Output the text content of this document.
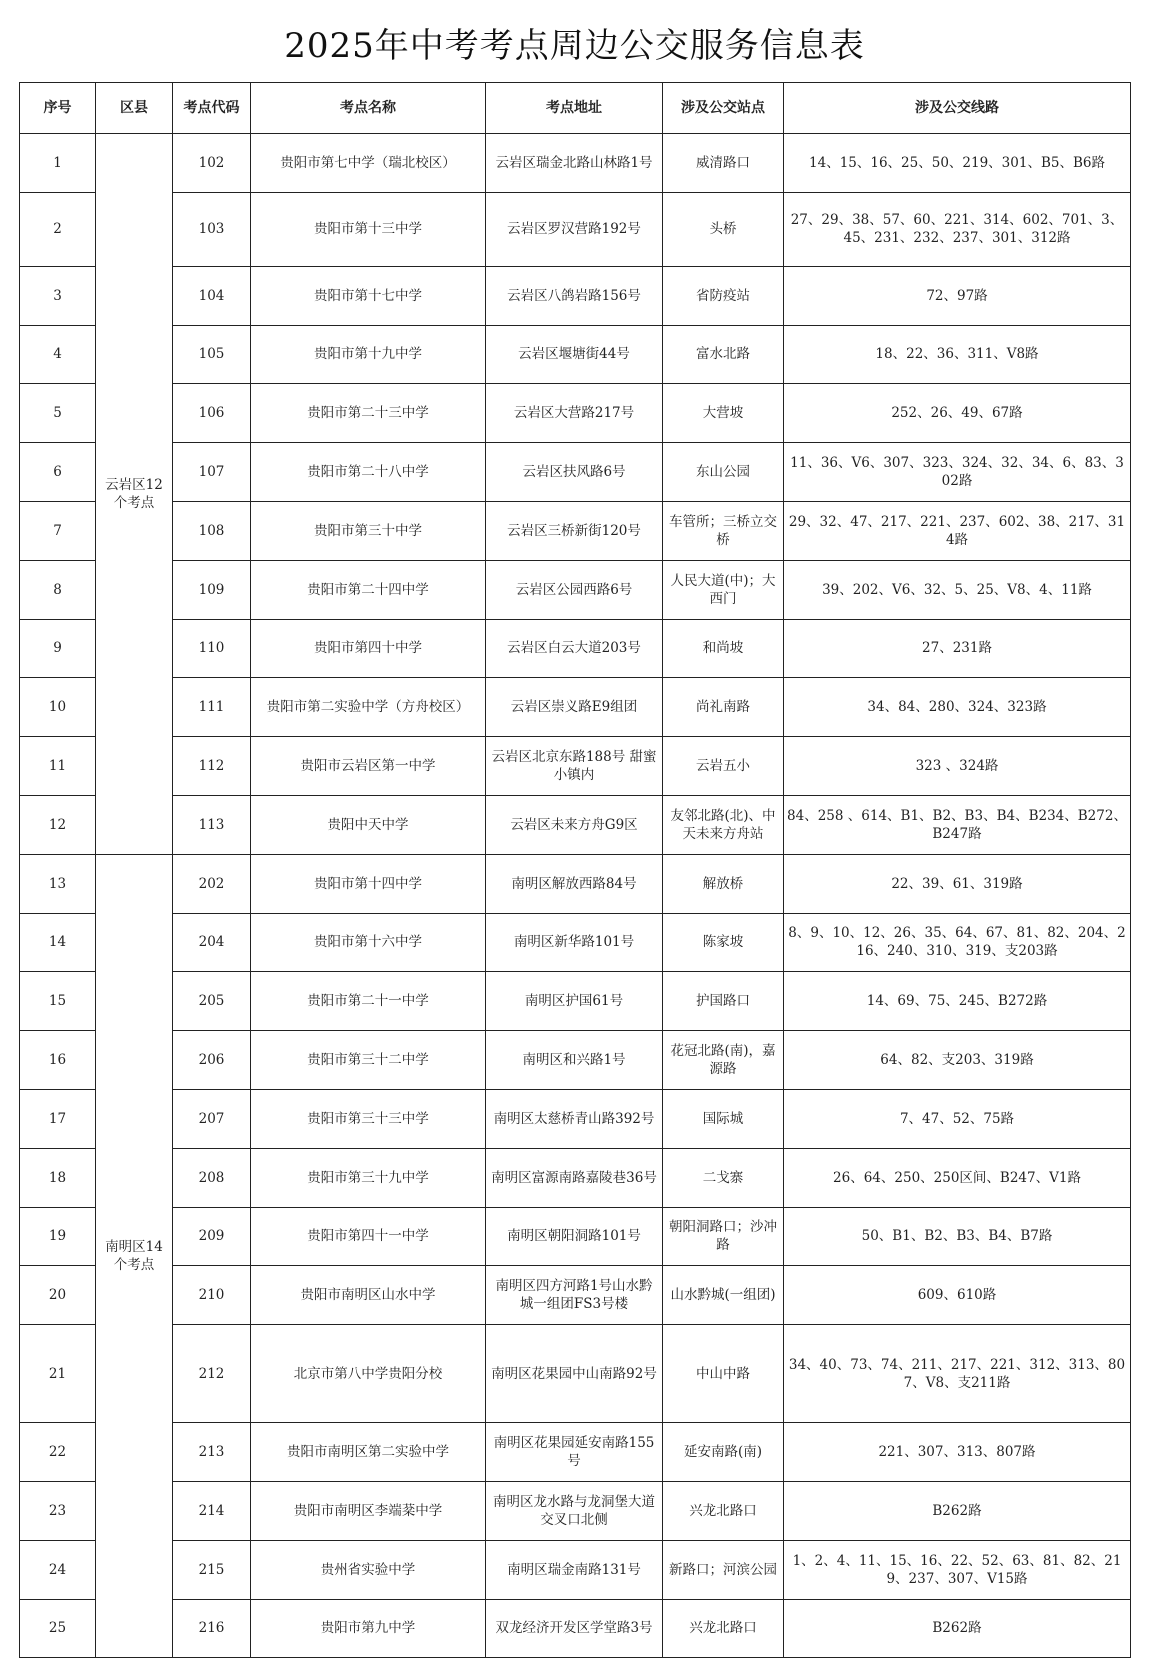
2025年中考考点周边公交服务信息表
序号	区县	考点代码	考点名称	考点地址	涉及公交站点	涉及公交线路
1	云岩区12个考点	102	贵阳市第七中学（瑞北校区）	云岩区瑞金北路山林路1号	威清路口	14、15、16、25、50、219、301、B5、B6路
2		103	贵阳市第十三中学	云岩区罗汉营路192号	头桥	27、29、38、57、60、221、314、602、701、3、45、231、232、237、301、312路
3		104	贵阳市第十七中学	云岩区八鸽岩路156号	省防疫站	72、97路
4		105	贵阳市第十九中学	云岩区堰塘街44号	富水北路	18、22、36、311、V8路
5		106	贵阳市第二十三中学	云岩区大营路217号	大营坡	252、26、49、67路
6		107	贵阳市第二十八中学	云岩区扶风路6号	东山公园	11、36、V6、307、323、324、32、34、6、83、302路
7		108	贵阳市第三十中学	云岩区三桥新街120号	车管所；三桥立交桥	29、32、47、217、221、237、602、38、217、314路
8		109	贵阳市第二十四中学	云岩区公园西路6号	人民大道(中)；大西门	39、202、V6、32、5、25、V8、4、11路
9		110	贵阳市第四十中学	云岩区白云大道203号	和尚坡	27、231路
10		111	贵阳市第二实验中学（方舟校区）	云岩区崇义路E9组团	尚礼南路	34、84、280、324、323路
11		112	贵阳市云岩区第一中学	云岩区北京东路188号 甜蜜小镇内	云岩五小	323 、324路
12		113	贵阳中天中学	云岩区未来方舟G9区	友邻北路(北)、中天未来方舟站	84、258 、614、B1、B2、B3、B4、B234、B272、B247路
13	南明区14个考点	202	贵阳市第十四中学	南明区解放西路84号	解放桥	22、39、61、319路
14		204	贵阳市第十六中学	南明区新华路101号	陈家坡	8、9、10、12、26、35、64、67、81、82、204、216、240、310、319、支203路
15		205	贵阳市第二十一中学	南明区护国61号	护国路口	14、69、75、245、B272路
16		206	贵阳市第三十二中学	南明区和兴路1号	花冠北路(南)，嘉源路	64、82、支203、319路
17		207	贵阳市第三十三中学	南明区太慈桥青山路392号	国际城	7、47、52、75路
18		208	贵阳市第三十九中学	南明区富源南路嘉陵巷36号	二戈寨	26、64、250、250区间、B247、V1路
19		209	贵阳市第四十一中学	南明区朝阳洞路101号	朝阳洞路口；沙冲路	50、B1、B2、B3、B4、B7路
20		210	贵阳市南明区山水中学	南明区四方河路1号山水黔城一组团FS3号楼	山水黔城(一组团)	609、610路
21		212	北京市第八中学贵阳分校	南明区花果园中山南路92号	中山中路	34、40、73、74、211、217、221、312、313、807、V8、支211路
22		213	贵阳市南明区第二实验中学	南明区花果园延安南路155号	延安南路(南)	221、307、313、807路
23		214	贵阳市南明区李端棻中学	南明区龙水路与龙洞堡大道交叉口北侧	兴龙北路口	B262路
24		215	贵州省实验中学	南明区瑞金南路131号	新路口；河滨公园	1、2、4、11、15、16、22、52、63、81、82、219、237、307、V15路
25		216	贵阳市第九中学	双龙经济开发区学堂路3号	兴龙北路口	B262路
